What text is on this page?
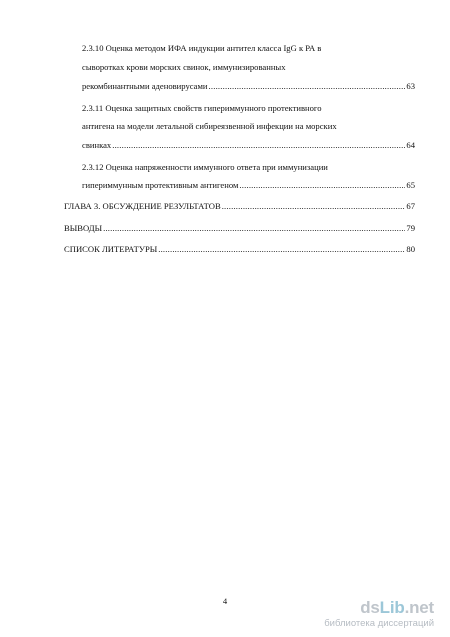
2.3.10 Оценка методом ИФА индукции антител класса IgG к РА в
сыворотках крови морских свинок, иммунизированных
рекомбинантными аденовирусами .....	63
2.3.11 Оценка защитных свойств гипериммунного протективного
антигена на модели летальной сибиреязвенной инфекции на морских
свинках .....	64
2.3.12 Оценка напряженности иммунного ответа при иммунизации
гипериммунным протективным антигеном .....	65
ГЛАВА 3. ОБСУЖДЕНИЕ РЕЗУЛЬТАТОВ .....	67
ВЫВОДЫ .....	79
СПИСОК ЛИТЕРАТУРЫ .....	80
4	dsLib.net
библиотека диссертаций
